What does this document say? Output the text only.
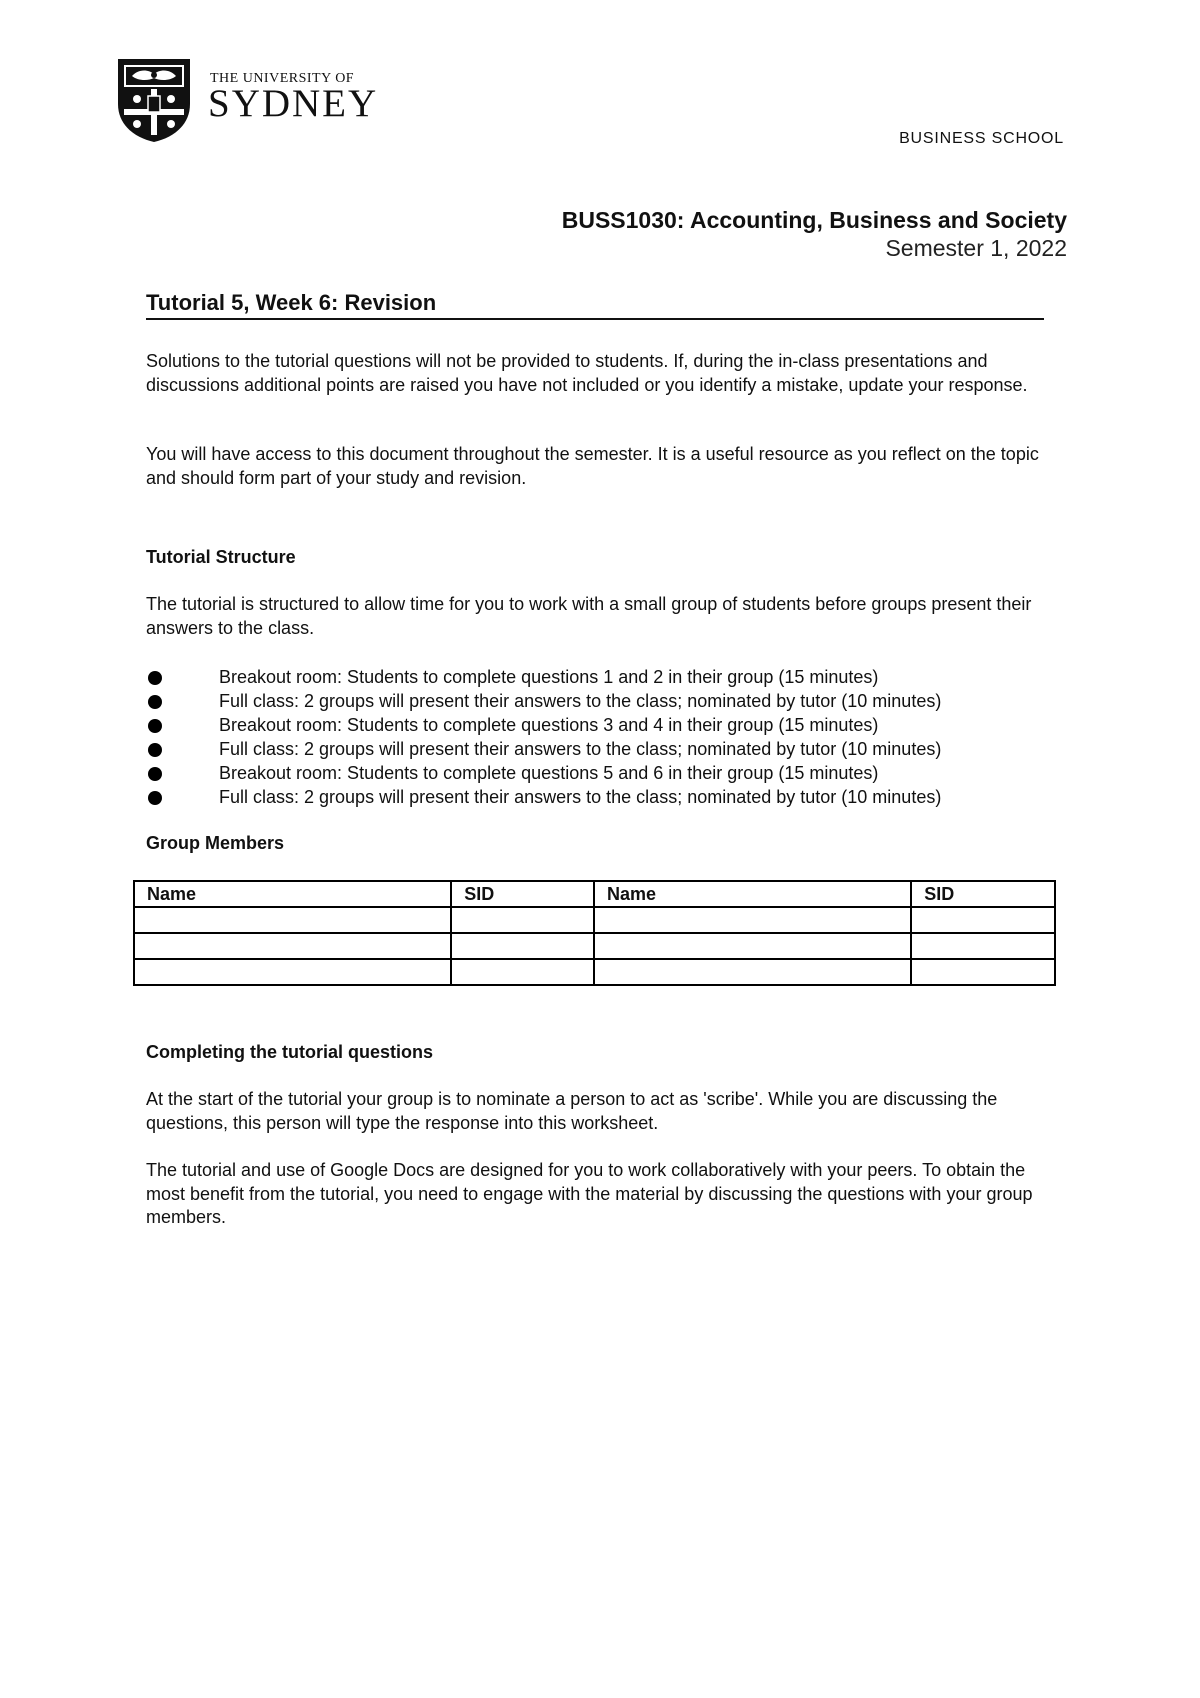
THE UNIVERSITY OF
SYDNEY
BUSINESS SCHOOL
BUSS1030: Accounting, Business and Society
Semester 1, 2022
Tutorial 5, Week 6: Revision
Solutions to the tutorial questions will not be provided to students. If, during the in-class presentations and discussions additional points are raised you have not included or you identify a mistake, update your response.
You will have access to this document throughout the semester. It is a useful resource as you reflect on the topic and should form part of your study and revision.
Tutorial Structure
The tutorial is structured to allow time for you to work with a small group of students before groups present their answers to the class.
Breakout room: Students to complete questions 1 and 2 in their group (15 minutes)
Full class: 2 groups will present their answers to the class; nominated by tutor (10 minutes)
Breakout room: Students to complete questions 3 and 4 in their group (15 minutes)
Full class: 2 groups will present their answers to the class; nominated by tutor (10 minutes)
Breakout room: Students to complete questions 5 and 6 in their group (15 minutes)
Full class: 2 groups will present their answers to the class; nominated by tutor (10 minutes)
Group Members
Name	SID	Name	SID

Completing the tutorial questions
At the start of the tutorial your group is to nominate a person to act as 'scribe'. While you are discussing the questions, this person will type the response into this worksheet.
The tutorial and use of Google Docs are designed for you to work collaboratively with your peers. To obtain the most benefit from the tutorial, you need to engage with the material by discussing the questions with your group members.
